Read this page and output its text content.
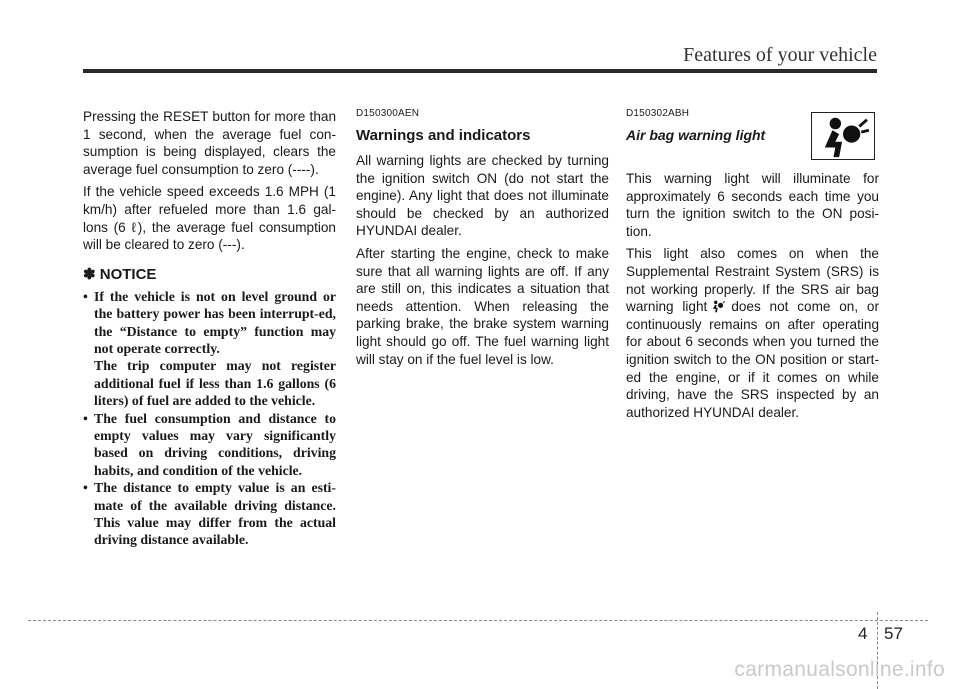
Features of your vehicle

Pressing the RESET button for more than 1 second, when the average fuel con-sumption is being displayed, clears the average fuel consumption to zero (----).

If the vehicle speed exceeds 1.6 MPH (1 km/h) after refueled more than 1.6 gal-lons (6 ℓ), the average fuel consumption will be cleared to zero (---).

✽ NOTICE
• If the vehicle is not on level ground or the battery power has been interrupt-ed, the “Distance to empty” function may not operate correctly.
The trip computer may not register additional fuel if less than 1.6 gallons (6 liters) of fuel are added to the vehicle.
• The fuel consumption and distance to empty values may vary significantly based on driving conditions, driving habits, and condition of the vehicle.
• The distance to empty value is an esti-mate of the available driving distance. This value may differ from the actual driving distance available.
D150300AEN
Warnings and indicators

All warning lights are checked by turning the ignition switch ON (do not start the engine). Any light that does not illuminate should be checked by an authorized HYUNDAI dealer.

After starting the engine, check to make sure that all warning lights are off. If any are still on, this indicates a situation that needs attention. When releasing the parking brake, the brake system warning light should go off. The fuel warning light will stay on if the fuel level is low.

D150302ABH
Air bag warning light

This warning light will illuminate for approximately 6 seconds each time you turn the ignition switch to the ON posi-tion.

This light also comes on when the Supplemental Restraint System (SRS) is not working properly. If the SRS air bag warning light does not come on, or continuously remains on after operating for about 6 seconds when you turned the ignition switch to the ON position or start-ed the engine, or if it comes on while driving, have the SRS inspected by an authorized HYUNDAI dealer.

4 57
carmanualsonline.info
